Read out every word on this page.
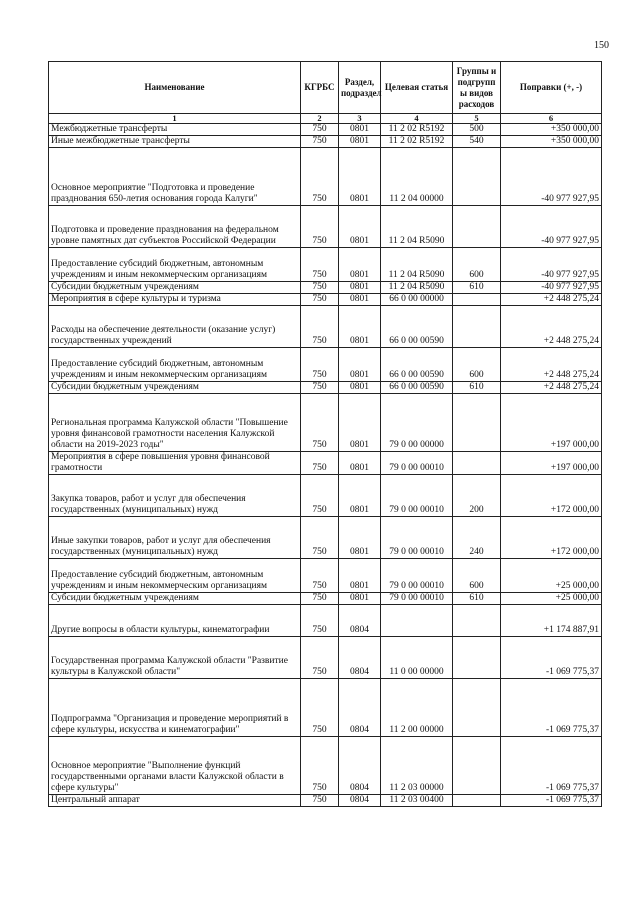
150
Наименование	КГРБС	Раздел, подраздел	Целевая статья	Группы и подгрупп ы видов расходов	Поправки (+, -)
1	2	3	4	5	6
Межбюджетные трансферты	750	0801	11 2 02 R5192	500	+350 000,00
Иные межбюджетные трансферты	750	0801	11 2 02 R5192	540	+350 000,00
Основное мероприятие "Подготовка и проведение празднования 650-летия основания города Калуги"	750	0801	11 2 04 00000		-40 977 927,95
Подготовка и проведение празднования на федеральном уровне памятных дат субъектов Российской Федерации	750	0801	11 2 04 R5090		-40 977 927,95
Предоставление субсидий бюджетным, автономным учреждениям и иным некоммерческим организациям	750	0801	11 2 04 R5090	600	-40 977 927,95
Субсидии бюджетным учреждениям	750	0801	11 2 04 R5090	610	-40 977 927,95
Мероприятия в сфере культуры и туризма	750	0801	66 0 00 00000		+2 448 275,24
Расходы на обеспечение деятельности (оказание услуг) государственных учреждений	750	0801	66 0 00 00590		+2 448 275,24
Предоставление субсидий бюджетным, автономным учреждениям и иным некоммерческим организациям	750	0801	66 0 00 00590	600	+2 448 275,24
Субсидии бюджетным учреждениям	750	0801	66 0 00 00590	610	+2 448 275,24
Региональная программа Калужской области "Повышение уровня финансовой грамотности населения Калужской области на 2019-2023 годы"	750	0801	79 0 00 00000		+197 000,00
Мероприятия в сфере повышения уровня финансовой грамотности	750	0801	79 0 00 00010		+197 000,00
Закупка товаров, работ и услуг для обеспечения государственных (муниципальных) нужд	750	0801	79 0 00 00010	200	+172 000,00
Иные закупки товаров, работ и услуг для обеспечения государственных (муниципальных) нужд	750	0801	79 0 00 00010	240	+172 000,00
Предоставление субсидий бюджетным, автономным учреждениям и иным некоммерческим организациям	750	0801	79 0 00 00010	600	+25 000,00
Субсидии бюджетным учреждениям	750	0801	79 0 00 00010	610	+25 000,00
Другие вопросы в области культуры, кинематографии	750	0804			+1 174 887,91
Государственная программа Калужской области "Развитие культуры в Калужской области"	750	0804	11 0 00 00000		-1 069 775,37
Подпрограмма "Организация и проведение мероприятий в сфере культуры, искусства и кинематографии"	750	0804	11 2 00 00000		-1 069 775,37
Основное мероприятие "Выполнение функций государственными органами власти Калужской области в сфере культуры"	750	0804	11 2 03 00000		-1 069 775,37
Центральный аппарат	750	0804	11 2 03 00400		-1 069 775,37
